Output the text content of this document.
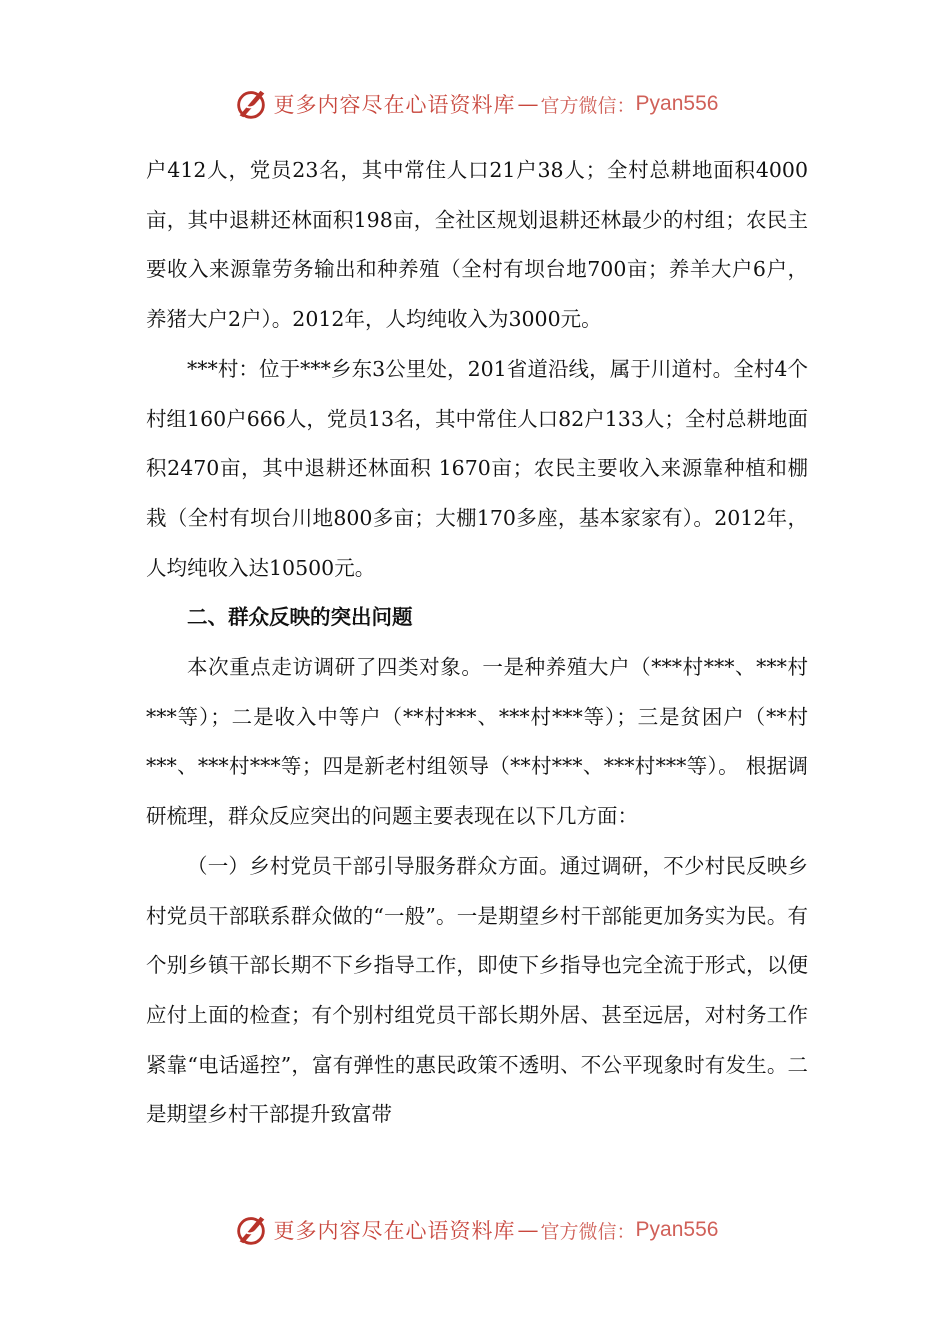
更多内容尽在心语资料库 — 官方微信： Pyan556

户412人，党员23名，其中常住人口21户38人；全村总耕地面积4000亩，其中退耕还林面积198亩，全社区规划退耕还林最少的村组；农民主要收入来源靠劳务输出和种养殖（全村有坝台地700亩；养羊大户6户，养猪大户2户）。2012年，人均纯收入为3000元。

***村：位于***乡东3公里处，201省道沿线，属于川道村。全村4个村组160户666人，党员13名，其中常住人口82户133人；全村总耕地面积2470亩，其中退耕还林面积 1670亩；农民主要收入来源靠种植和棚栽（全村有坝台川地800多亩；大棚170多座，基本家家有）。2012年，人均纯收入达10500元。

二、群众反映的突出问题

本次重点走访调研了四类对象。一是种养殖大户（***村***、***村***等）；二是收入中等户（**村***、***村***等）；三是贫困户（**村***、***村***等；四是新老村组领导（**村***、***村***等）。 根据调研梳理，群众反应突出的问题主要表现在以下几方面：

（一）乡村党员干部引导服务群众方面。通过调研，不少村民反映乡村党员干部联系群众做的“一般”。一是期望乡村干部能更加务实为民。有个别乡镇干部长期不下乡指导工作，即使下乡指导也完全流于形式，以便应付上面的检查；有个别村组党员干部长期外居、甚至远居，对村务工作紧靠“电话遥控”，富有弹性的惠民政策不透明、不公平现象时有发生。二是期望乡村干部提升致富带

更多内容尽在心语资料库 — 官方微信： Pyan556
